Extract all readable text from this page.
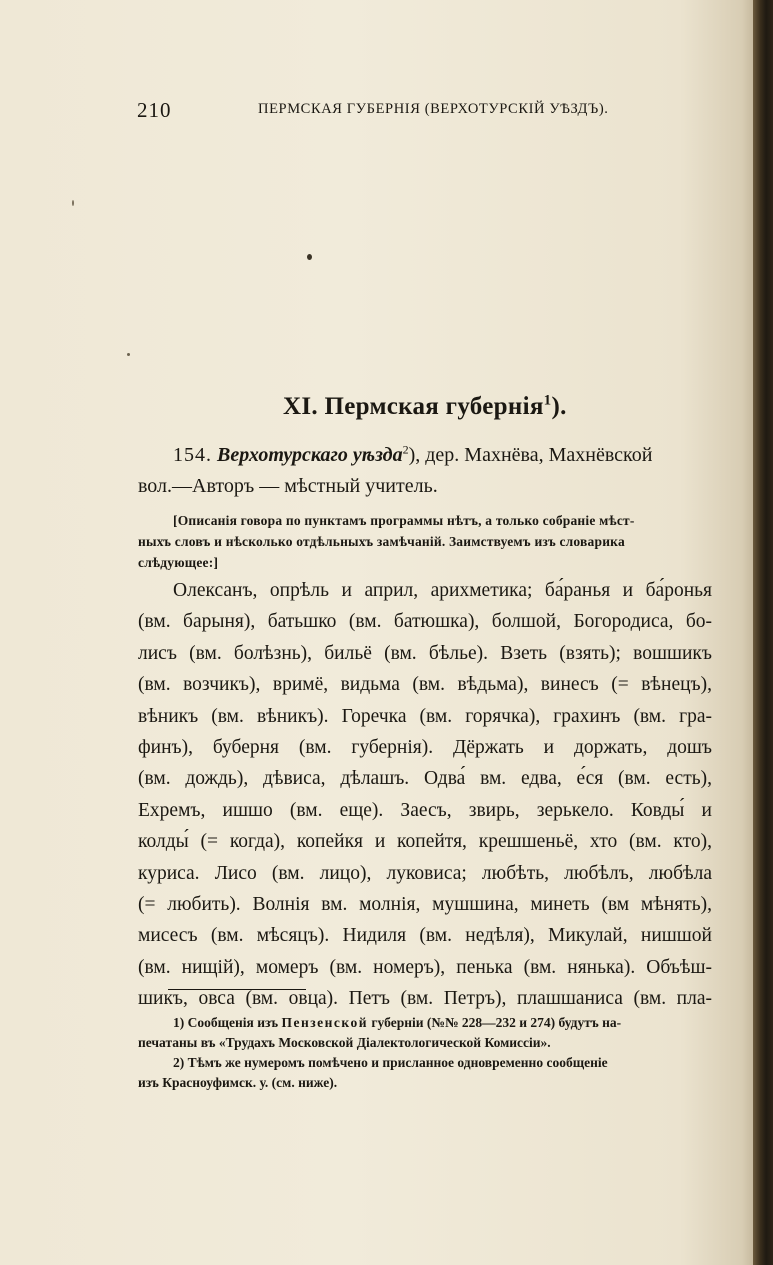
210	ПЕРМСКАЯ ГУБЕРНІЯ (ВЕРХОТУРСКІЙ УѢЗДЪ).
XI. Пермская губернія$^1$).
154. Верхотурскаго уѣзда$^2$), дер. Махнёва, Махнёвской
вол.—Авторъ — мѣстный учитель.
[Описанія говора по пунктамъ программы нѣтъ, а только собраніе мѣст-
ныхъ словъ и нѣсколько отдѣльныхъ замѣчаній. Заимствуемъ изъ словарика
слѣдующее:]
Олексанъ, опрѣль и април, арихметика; ба́ранья и ба́ронья
(вм. барыня), батьшко (вм. батюшка), болшой, Богородиса, бо-
лисъ (вм. болѣзнь), бильё (вм. бѣлье). Взеть (взять); вошшикъ
(вм. возчикъ), вримё, видьма (вм. вѣдьма), винесъ (= вѣнецъ),
вѣникъ (вм. вѣникъ). Горечка (вм. горячка), грахинъ (вм. гра-
финъ), буберня (вм. губернія). Дёржать и доржать, дошъ
(вм. дождь), дѣвиса, дѣлашъ. Одва́ вм. едва, е́ся (вм. есть),
Ехремъ, ишшо (вм. еще). Заесъ, звирь, зерькело. Ковды́ и
колды́ (= когда), копейкя и копейтя, крешшеньё, хто (вм. кто),
куриса. Лисо (вм. лицо), луковиса; любѣть, любѣлъ, любѣла
(= любить). Волнія вм. молнія, мушшина, минеть (вм мѣнять),
мисесъ (вм. мѣсяцъ). Нидиля (вм. недѣля), Микулай, нишшой
(вм. нищій), момеръ (вм. номеръ), пенька (вм. нянька). Объѣш-
шикъ, овса (вм. овца). Петъ (вм. Петръ), плашшаниса (вм. пла-
1) Сообщенія изъ Пензенской губерніи (№№ 228—232 и 274) будутъ на-
печатаны въ «Трудахъ Московской Діалектологической Комиссіи».
2) Тѣмъ же нумеромъ помѣчено и присланное одновременно сообщеніе
изъ Красноуфимск. у. (см. ниже).
